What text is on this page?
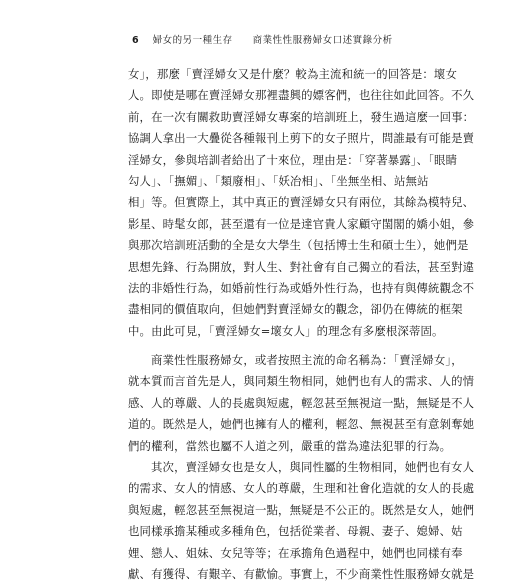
6 婦女的另一種生存 商業性性服務婦女口述實錄分析
女」，那麼「賣淫婦女又是什麼？較為主流和統一的回答是：壞女
人。即使是哪在賣淫婦女那裡盡興的嫖客們，也往往如此回答。不久
前，在一次有關救助賣淫婦女專案的培訓班上，發生過這麼一回事：
協調人拿出一大疊從各種報刊上剪下的女子照片，問誰最有可能是賣
淫婦女，參與培訓者給出了十來位，理由是：「穿著暴露」、「眼睛
勾人」、「撫媚」、「類廢相」、「妖冶相」、「坐無坐相、站無站
相」等。但實際上，其中真正的賣淫婦女只有兩位，其餘為模特兒、
影星、時髦女郎，甚至還有一位是達官貴人家顧守閨閣的嬌小姐，參
與那次培訓班活動的全是女大學生（包括博士生和碩士生），她們是
思想先鋒、行為開放，對人生、對社會有自己獨立的看法，甚至對違
法的非婚性行為，如婚前性行為或婚外性行為，也持有與傳統觀念不
盡相同的價值取向，但她們對賣淫婦女的觀念，卻仍在傳統的框架
中。由此可見，「賣淫婦女=壞女人」的理念有多麼根深蒂固。
商業性性服務婦女，或者按照主流的命名稱為：「賣淫婦女」，
就本質而言首先是人，與同類生物相同，她們也有人的需求、人的情
感、人的尊嚴、人的長處與短處，輕忽甚至無視這一點，無疑是不人
道的。既然是人，她們也擁有人的權利，輕忽、無視甚至有意剝奪她
們的權利，當然也屬不人道之列，嚴重的當為違法犯罪的行為。
其次，賣淫婦女也是女人，與同性屬的生物相同，她們也有女人
的需求、女人的情感、女人的尊嚴，生理和社會化造就的女人的長處
與短處，輕忽甚至無視這一點，無疑是不公正的。既然是女人，她們
也同樣承擔某種或多種角色，包括從業者、母親、妻子、媳婦、姑
娌、戀人、姐妹、女兒等等；在承擔角色過程中，她們也同樣有奉
獻、有獲得、有艱辛、有歡愉。事實上，不少商業性性服務婦女就是
